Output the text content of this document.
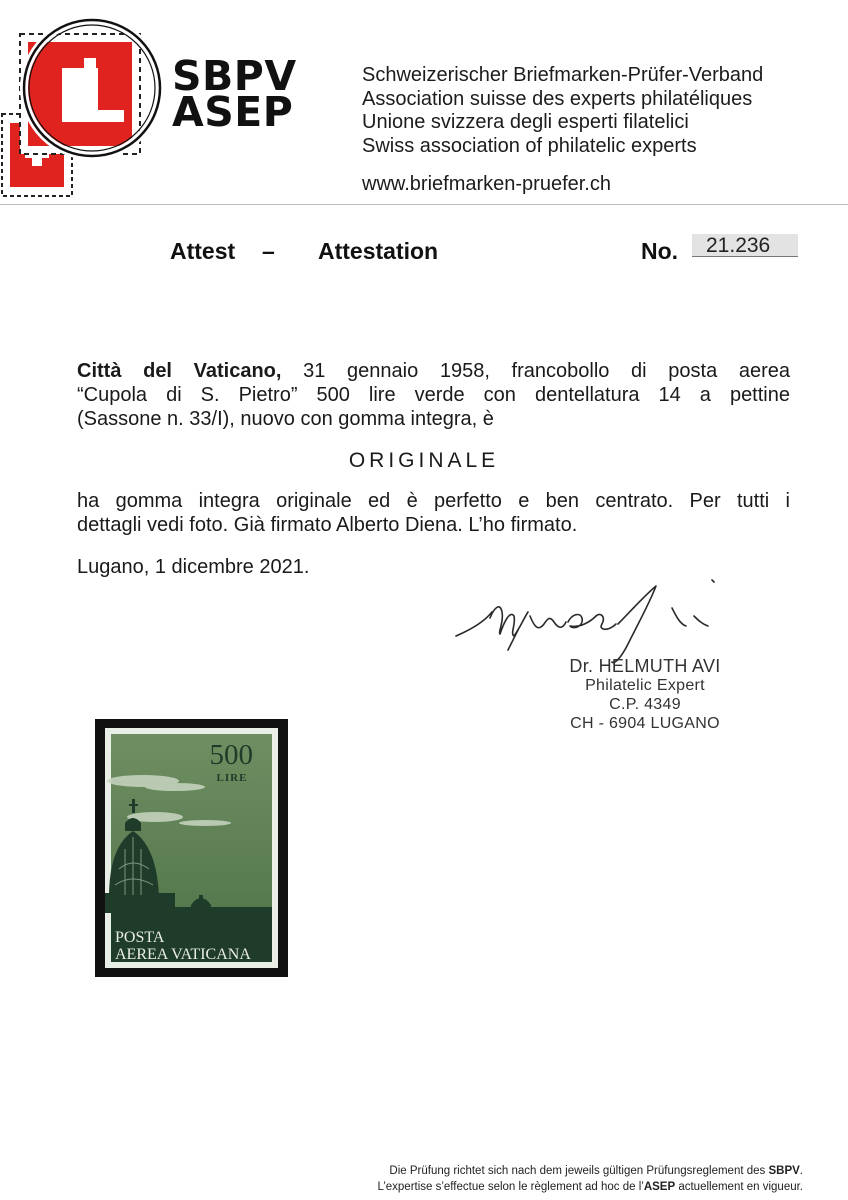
SBPV
ASEP
Schweizerischer Briefmarken-Prüfer-Verband
Association suisse des experts philatéliques
Unione svizzera degli esperti filatelici
Swiss association of philatelic experts
www.briefmarken-pruefer.ch
Attest – Attestation	No. 21.236
Città del Vaticano, 31 gennaio 1958, francobollo di posta aerea
“Cupola di S. Pietro” 500 lire verde con dentellatura 14 a pettine
(Sassone n. 33/I), nuovo con gomma integra, è
ORIGINALE
ha gomma integra originale ed è perfetto e ben centrato. Per tutti i
dettagli vedi foto. Già firmato Alberto Diena. L’ho firmato.
Lugano, 1 dicembre 2021.
Dr. HELMUTH AVI
Philatelic Expert
C.P. 4349
CH - 6904 LUGANO
500
LIRE
POSTA
AEREA VATICANA
Die Prüfung richtet sich nach dem jeweils gültigen Prüfungsreglement des SBPV.
L’expertise s’effectue selon le règlement ad hoc de l’ASEP actuellement en vigueur.
